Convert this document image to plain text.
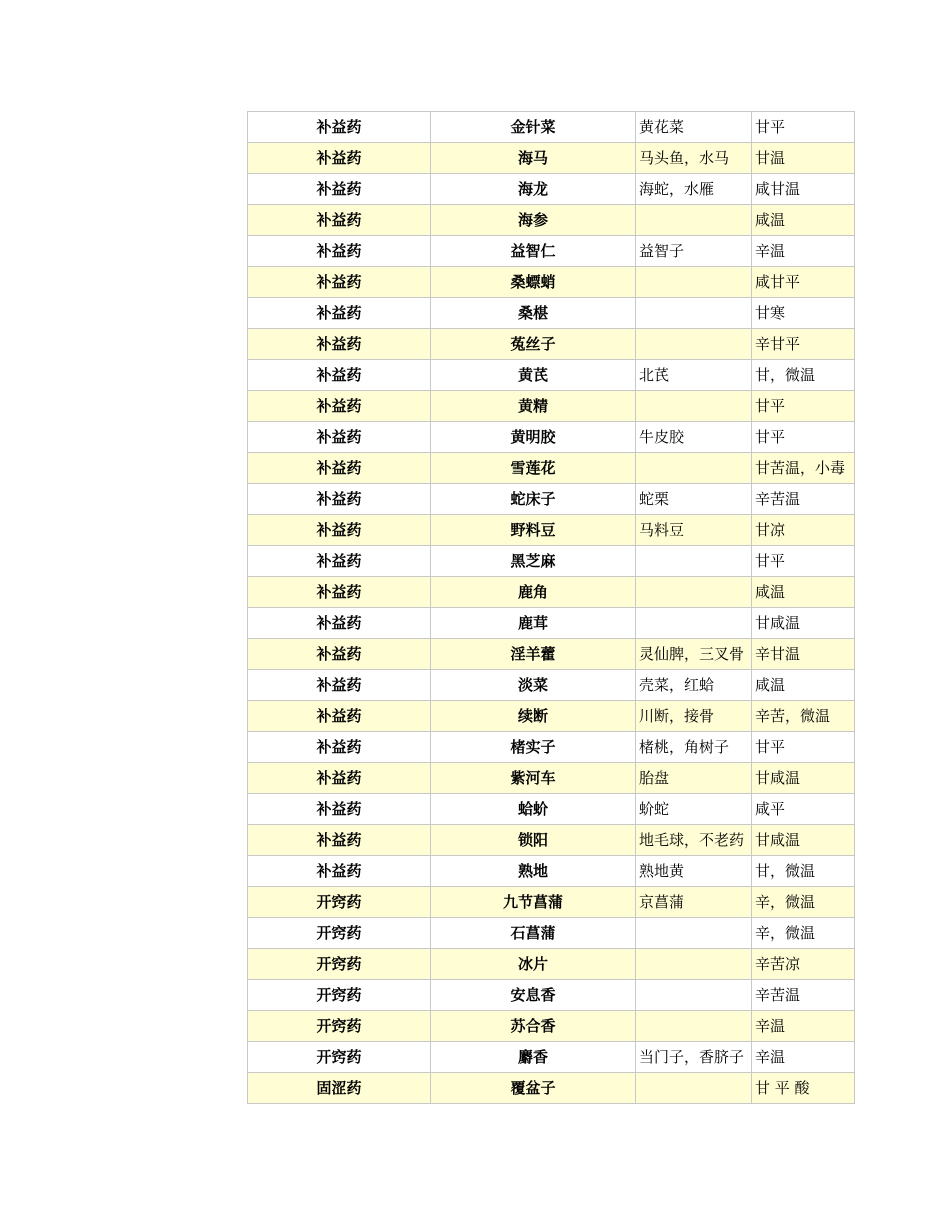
补益药	金针菜	黄花菜	甘平
补益药	海马	马头鱼，水马	甘温
补益药	海龙	海蛇，水雁	咸甘温
补益药	海参		咸温
补益药	益智仁	益智子	辛温
补益药	桑螵蛸		咸甘平
补益药	桑椹		甘寒
补益药	菟丝子		辛甘平
补益药	黄芪	北芪	甘，微温
补益药	黄精		甘平
补益药	黄明胶	牛皮胶	甘平
补益药	雪莲花		甘苦温，小毒
补益药	蛇床子	蛇栗	辛苦温
补益药	野料豆	马料豆	甘凉
补益药	黑芝麻		甘平
补益药	鹿角		咸温
补益药	鹿茸		甘咸温
补益药	淫羊藿	灵仙脾，三叉骨	辛甘温
补益药	淡菜	壳菜，红蛤	咸温
补益药	续断	川断，接骨	辛苦，微温
补益药	楮实子	楮桃，角树子	甘平
补益药	紫河车	胎盘	甘咸温
补益药	蛤蚧	蚧蛇	咸平
补益药	锁阳	地毛球，不老药	甘咸温
补益药	熟地	熟地黄	甘，微温
开窍药	九节菖蒲	京菖蒲	辛，微温
开窍药	石菖蒲		辛，微温
开窍药	冰片		辛苦凉
开窍药	安息香		辛苦温
开窍药	苏合香		辛温
开窍药	麝香	当门子，香脐子	辛温
固涩药	覆盆子		甘 平 酸
